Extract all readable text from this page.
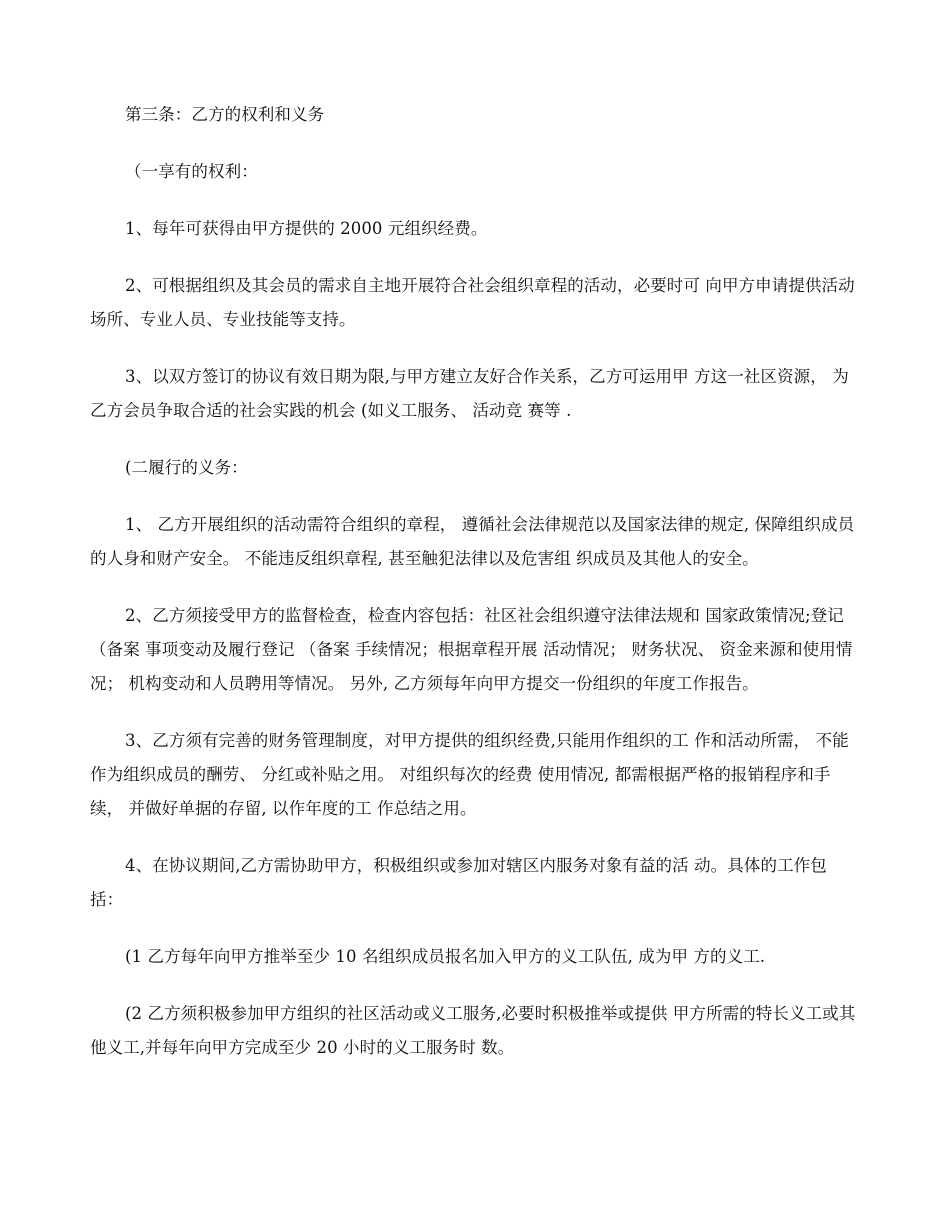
第三条：乙方的权利和义务

（一享有的权利：

1、每年可获得由甲方提供的 2000 元组织经费。

2、可根据组织及其会员的需求自主地开展符合社会组织章程的活动，必要时可 向甲方申请提供活动场所、专业人员、专业技能等支持。

3、以双方签订的协议有效日期为限,与甲方建立友好合作关系，乙方可运用甲 方这一社区资源， 为乙方会员争取合适的社会实践的机会 (如义工服务、 活动竞 赛等 .

(二履行的义务：

1、 乙方开展组织的活动需符合组织的章程， 遵循社会法律规范以及国家法律的规定, 保障组织成员的人身和财产安全。 不能违反组织章程, 甚至触犯法律以及危害组 织成员及其他人的安全。

2、乙方须接受甲方的监督检查，检查内容包括：社区社会组织遵守法律法规和 国家政策情况;登记 （备案 事项变动及履行登记 （备案 手续情况；根据章程开展 活动情况； 财务状况、 资金来源和使用情况； 机构变动和人员聘用等情况。 另外, 乙方须每年向甲方提交一份组织的年度工作报告。

3、乙方须有完善的财务管理制度，对甲方提供的组织经费,只能用作组织的工 作和活动所需， 不能作为组织成员的酬劳、 分红或补贴之用。 对组织每次的经费 使用情况, 都需根据严格的报销程序和手续， 并做好单据的存留, 以作年度的工 作总结之用。

4、在协议期间,乙方需协助甲方，积极组织或参加对辖区内服务对象有益的活 动。具体的工作包括：

(1 乙方每年向甲方推举至少 10 名组织成员报名加入甲方的义工队伍, 成为甲 方的义工.

(2 乙方须积极参加甲方组织的社区活动或义工服务,必要时积极推举或提供 甲方所需的特长义工或其他义工,并每年向甲方完成至少 20 小时的义工服务时 数。
